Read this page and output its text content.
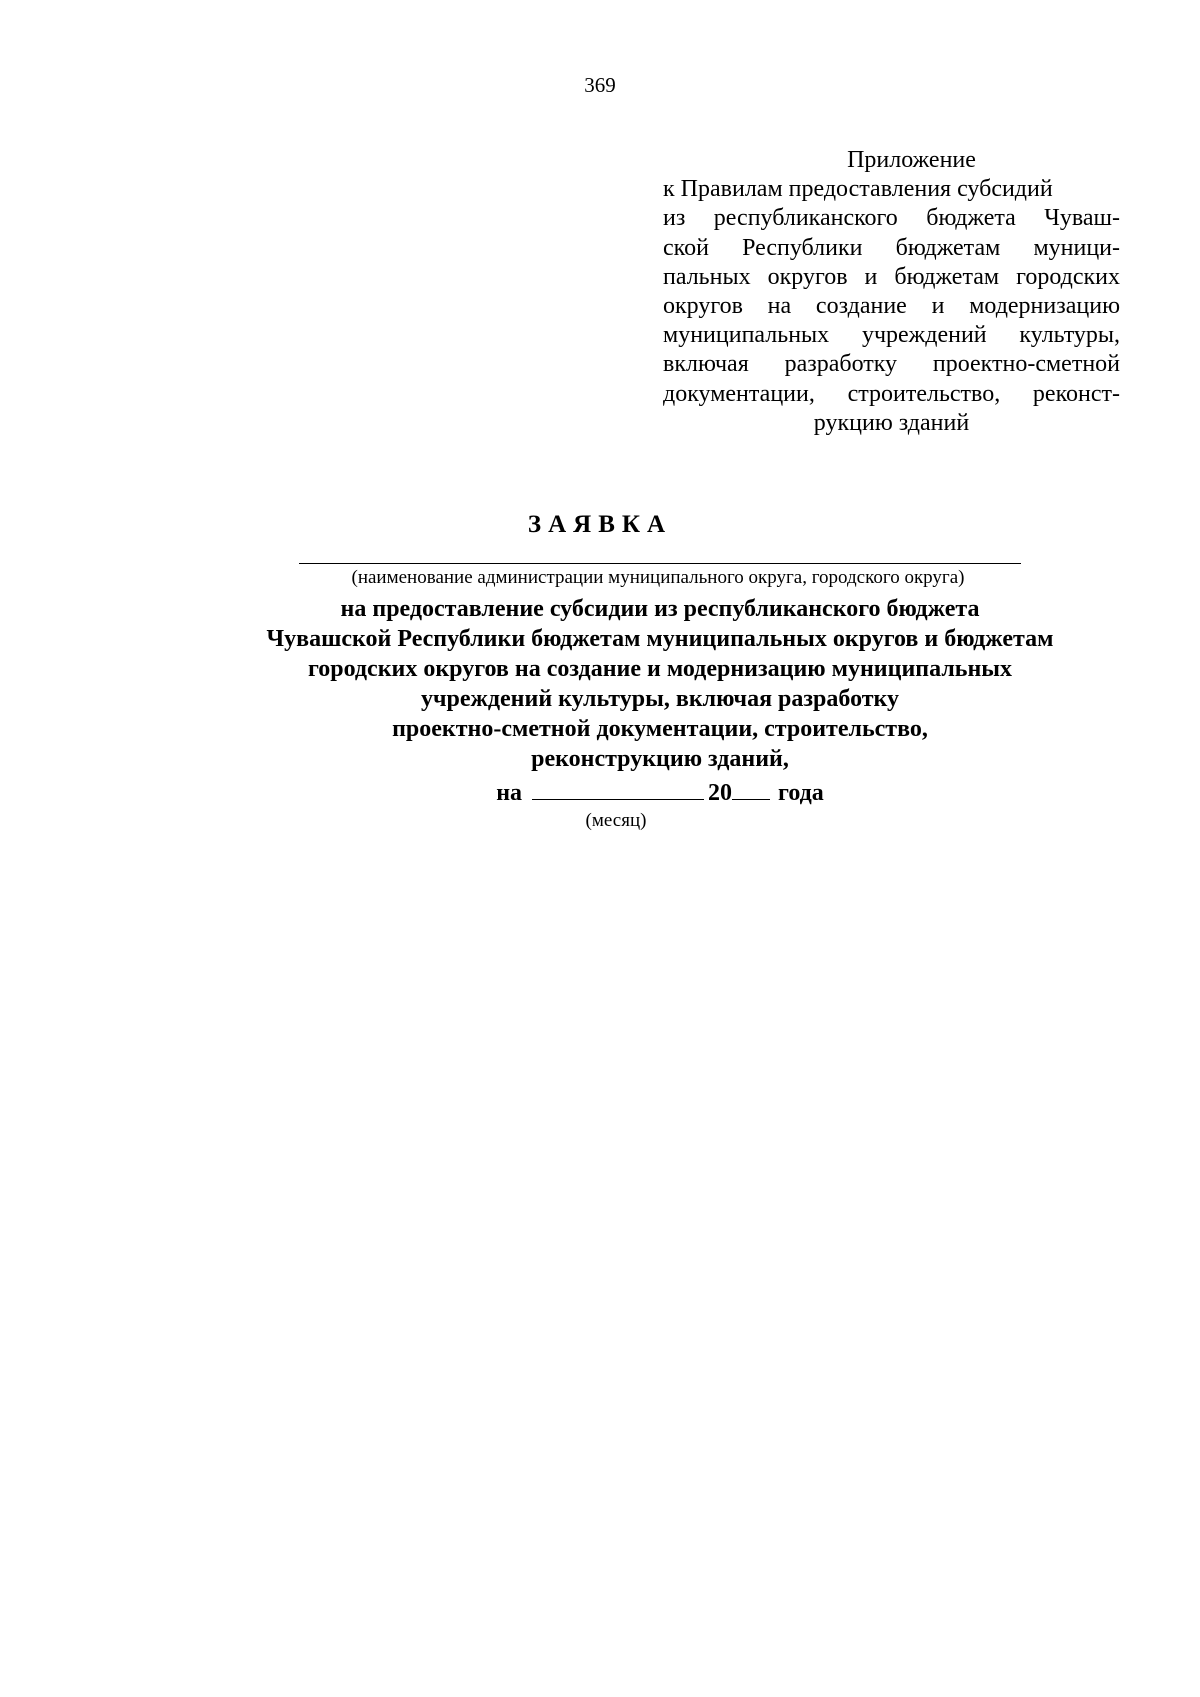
369
Приложение
к Правилам предоставления субсидий
из республиканского бюджета Чуваш-
ской Республики бюджетам муници-
пальных округов и бюджетам городских
округов на создание и модернизацию
муниципальных учреждений культуры,
включая разработку проектно-сметной
документации, строительство, реконст-
рукцию зданий
ЗАЯВКА
(наименование администрации муниципального округа, городского округа)
на предоставление субсидии из республиканского бюджета
Чувашской Республики бюджетам муниципальных округов и бюджетам
городских округов на создание и модернизацию муниципальных
учреждений культуры, включая разработку
проектно-сметной документации, строительство,
реконструкцию зданий,
на	20 года
(месяц)
